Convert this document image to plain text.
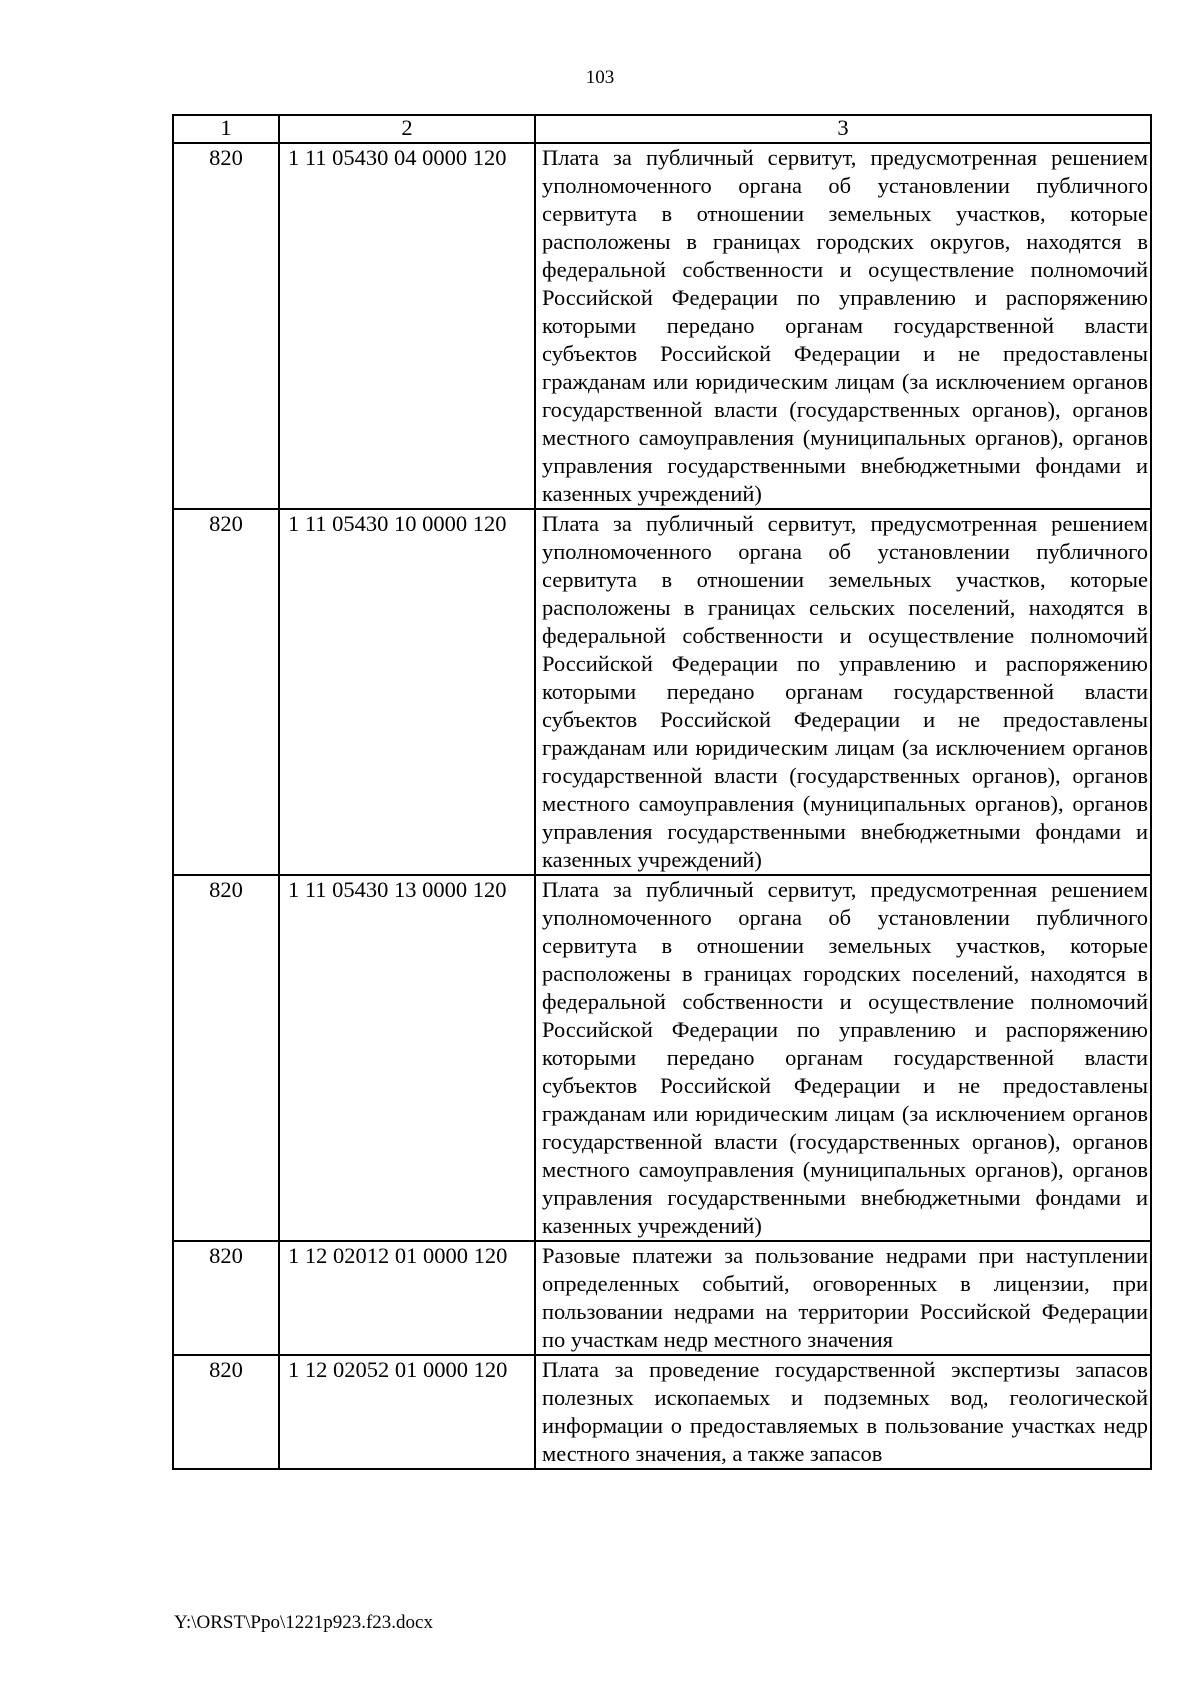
103
1	2	3
820	1 11 05430 04 0000 120	Плата за публичный сервитут, предусмотренная решением уполномоченного органа об установлении публичного сервитута в отношении земельных участков, которые расположены в границах городских округов, находятся в федеральной собственности и осуществление полномочий Российской Федерации по управлению и распоряжению которыми передано органам государственной власти субъектов Российской Федерации и не предоставлены гражданам или юридическим лицам (за исключением органов государственной власти (государственных органов), органов местного самоуправления (муниципальных органов), органов управления государственными внебюджетными фондами и казенных учреждений)
820	1 11 05430 10 0000 120	Плата за публичный сервитут, предусмотренная решением уполномоченного органа об установлении публичного сервитута в отношении земельных участков, которые расположены в границах сельских поселений, находятся в федеральной собственности и осуществление полномочий Российской Федерации по управлению и распоряжению которыми передано органам государственной власти субъектов Российской Федерации и не предоставлены гражданам или юридическим лицам (за исключением органов государственной власти (государственных органов), органов местного самоуправления (муниципальных органов), органов управления государственными внебюджетными фондами и казенных учреждений)
820	1 11 05430 13 0000 120	Плата за публичный сервитут, предусмотренная решением уполномоченного органа об установлении публичного сервитута в отношении земельных участков, которые расположены в границах городских поселений, находятся в федеральной собственности и осуществление полномочий Российской Федерации по управлению и распоряжению которыми передано органам государственной власти субъектов Российской Федерации и не предоставлены гражданам или юридическим лицам (за исключением органов государственной власти (государственных органов), органов местного самоуправления (муниципальных органов), органов управления государственными внебюджетными фондами и казенных учреждений)
820	1 12 02012 01 0000 120	Разовые платежи за пользование недрами при наступлении определенных событий, оговоренных в лицензии, при пользовании недрами на территории Российской Федерации по участкам недр местного значения
820	1 12 02052 01 0000 120	Плата за проведение государственной экспертизы запасов полезных ископаемых и подземных вод, геологической информации о предоставляемых в пользование участках недр местного значения, а также запасов
Y:\ORST\Ppo\1221p923.f23.docx
